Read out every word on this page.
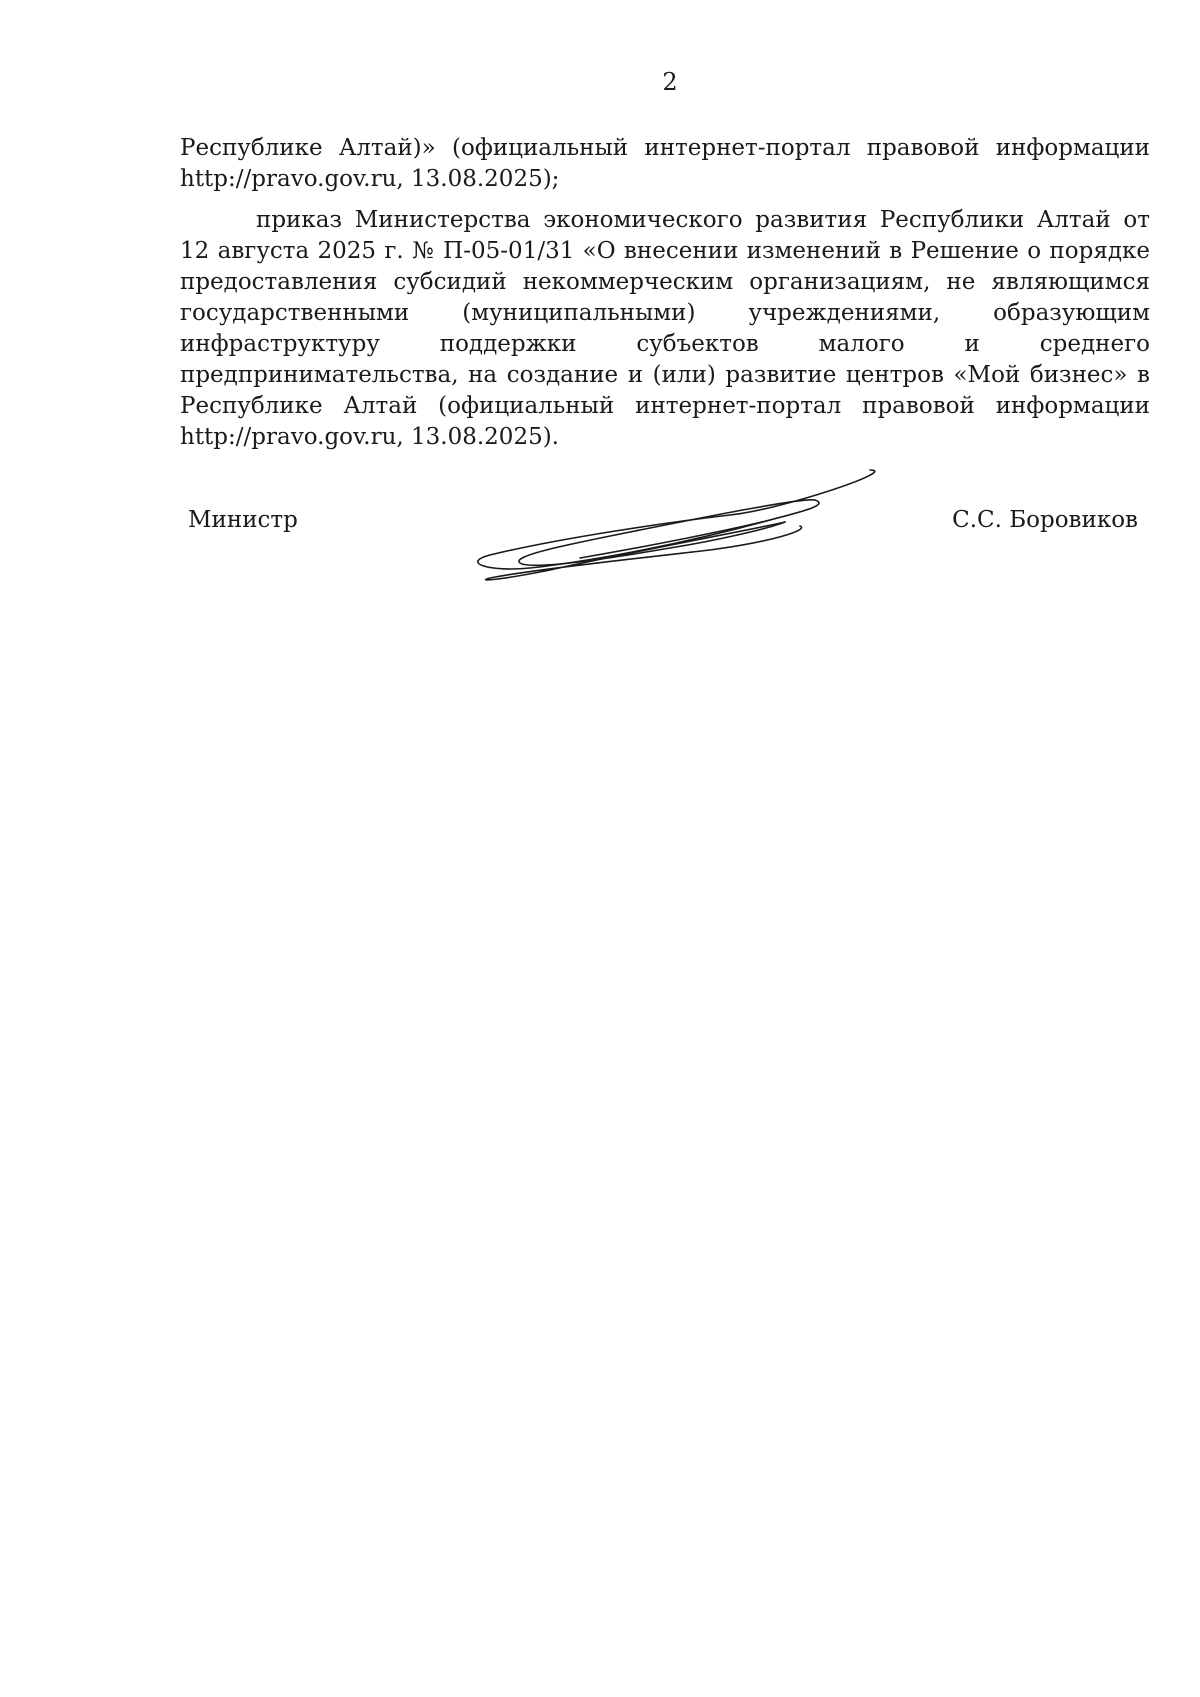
2

Республике Алтай)» (официальный интернет-портал правовой информации http://pravo.gov.ru, 13.08.2025);

приказ Министерства экономического развития Республики Алтай от 12 августа 2025 г. № П-05-01/31 «О внесении изменений в Решение о порядке предоставления субсидий некоммерческим организациям, не являющимся государственными (муниципальными) учреждениями, образующим инфраструктуру поддержки субъектов малого и среднего предпринимательства, на создание и (или) развитие центров «Мой бизнес» в Республике Алтай (официальный интернет-портал правовой информации http://pravo.gov.ru, 13.08.2025).

Министр	С.С. Боровиков
